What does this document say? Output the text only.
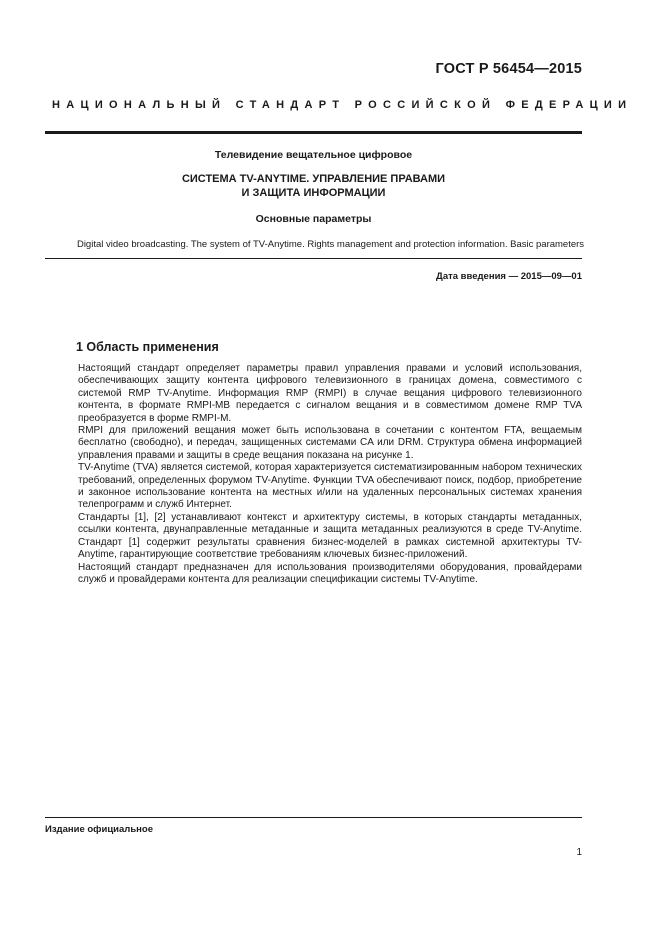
ГОСТ Р 56454—2015
НАЦИОНАЛЬНЫЙ СТАНДАРТ РОССИЙСКОЙ ФЕДЕРАЦИИ
Телевидение вещательное цифровое
СИСТЕМА TV-ANYTIME. УПРАВЛЕНИЕ ПРАВАМИ
И ЗАЩИТА ИНФОРМАЦИИ
Основные параметры
Digital video broadcasting. The system of TV-Anytime. Rights management and protection information. Basic parameters
Дата введения — 2015—09—01
1 Область применения

Настоящий стандарт определяет параметры правил управления правами и условий использования, обеспечивающих защиту контента цифрового телевизионного в границах домена, совместимого с системой RMP TV-Anytime. Информация RMP (RMPI) в случае вещания цифрового телевизионного контента, в формате RMPI-MB передается с сигналом вещания и в совместимом домене RMP TVA преобразуется в форме RMPI-M.

RMPI для приложений вещания может быть использована в сочетании с контентом FTA, вещаемым бесплатно (свободно), и передач, защищенных системами CA или DRM. Структура обмена информацией управления правами и защиты в среде вещания показана на рисунке 1.

TV-Anytime (TVA) является системой, которая характеризуется систематизированным набором технических требований, определенных форумом TV-Anytime. Функции TVA обеспечивают поиск, подбор, приобретение и законное использование контента на местных и/или на удаленных персональных системах хранения телепрограмм и служб Интернет.

Стандарты [1], [2] устанавливают контекст и архитектуру системы, в которых стандарты метаданных, ссылки контента, двунаправленные метаданные и защита метаданных реализуются в среде TV-Anytime. Стандарт [1] содержит результаты сравнения бизнес-моделей в рамках системной архитектуры TV-Anytime, гарантирующие соответствие требованиям ключевых бизнес-приложений.

Настоящий стандарт предназначен для использования производителями оборудования, провайдерами служб и провайдерами контента для реализации спецификации системы TV-Anytime.

Издание официальное
1
